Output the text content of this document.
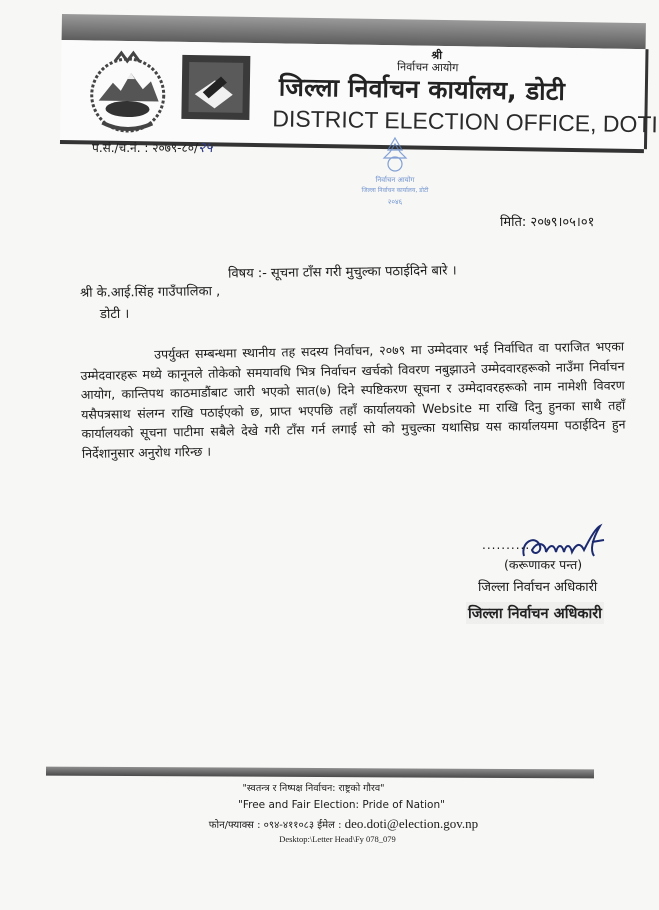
श्री
निर्वाचन आयोग
जिल्ला निर्वाचन कार्यालय, डोटी
DISTRICT ELECTION OFFICE, DOTI
प.सं./च.नं. : २०७९-८०/२५
निर्वाचन आयोग
जिल्ला निर्वाचन कार्यालय, डोटी
२०४६
मिति: २०७९।०५।०१
विषय :- सूचना टाँस गरी मुचुल्का पठाईदिने बारे ।
श्री के.आई.सिंह गाउँपालिका ,
डोटी ।

उपर्युक्त सम्बन्धमा स्थानीय तह सदस्य निर्वाचन, २०७९ मा उम्मेदवार भई निर्वाचित वा पराजित भएका उम्मेदवारहरू मध्ये कानूनले तोकेको समयावधि भित्र निर्वाचन खर्चको विवरण नबुझाउने उम्मेदवारहरूको नाउँमा निर्वाचन आयोग, कान्तिपथ काठमाडौंबाट जारी भएको सात(७) दिने स्पष्टिकरण सूचना र उम्मेदावरहरूको नाम नामेशी विवरण यसैपत्रसाथ संलग्न राखि पठाईएको छ, प्राप्त भएपछि तहाँ कार्यालयको Website मा राखि दिनु हुनका साथै तहाँ कार्यालयको सूचना पाटीमा सबैले देखे गरी टाँस गर्न लगाई सो को मुचुल्का यथासिघ्र यस कार्यालयमा पठाईदिन हुन निर्देशानुसार अनुरोध गरिन्छ ।

..........
(करूणाकर पन्त)
जिल्ला निर्वाचन अधिकारी
जिल्ला निर्वाचन अधिकारी
"स्वतन्त्र र निष्पक्ष निर्वाचन: राष्ट्रको गौरव"
"Free and Fair Election: Pride of Nation"
फोन/फ्याक्स : ०९४-४११०८३ ईमेल : deo.doti@election.gov.np
Desktop:\Letter Head\Fy 078_079
